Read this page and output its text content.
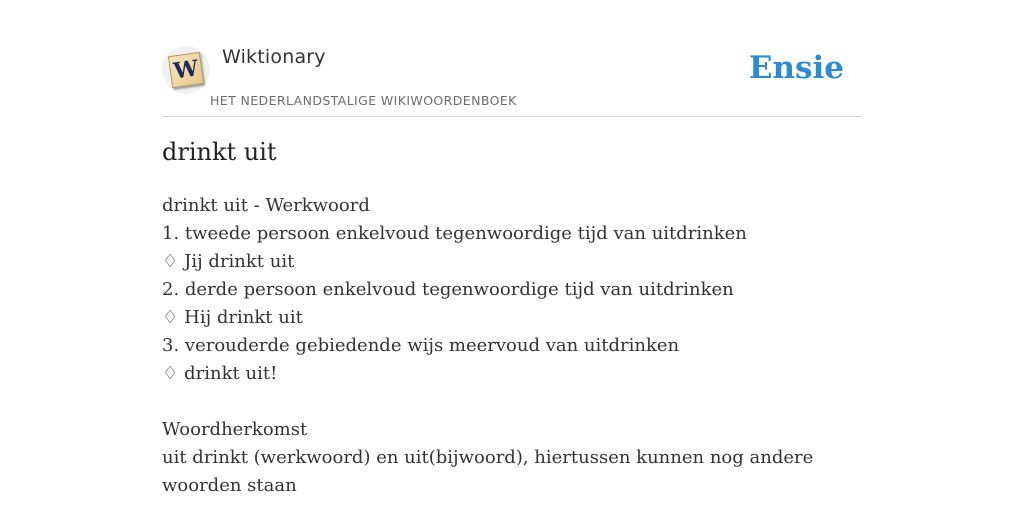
W Wiktionary
HET NEDERLANDSTALIGE WIKIWOORDENBOEK
Ensie
drinkt uit
drinkt uit - Werkwoord
1. tweede persoon enkelvoud tegenwoordige tijd van uitdrinken
♢ Jij drinkt uit
2. derde persoon enkelvoud tegenwoordige tijd van uitdrinken
♢ Hij drinkt uit
3. verouderde gebiedende wijs meervoud van uitdrinken
♢ drinkt uit!
Woordherkomst
uit drinkt (werkwoord) en uit(bijwoord), hiertussen kunnen nog andere woorden staan
